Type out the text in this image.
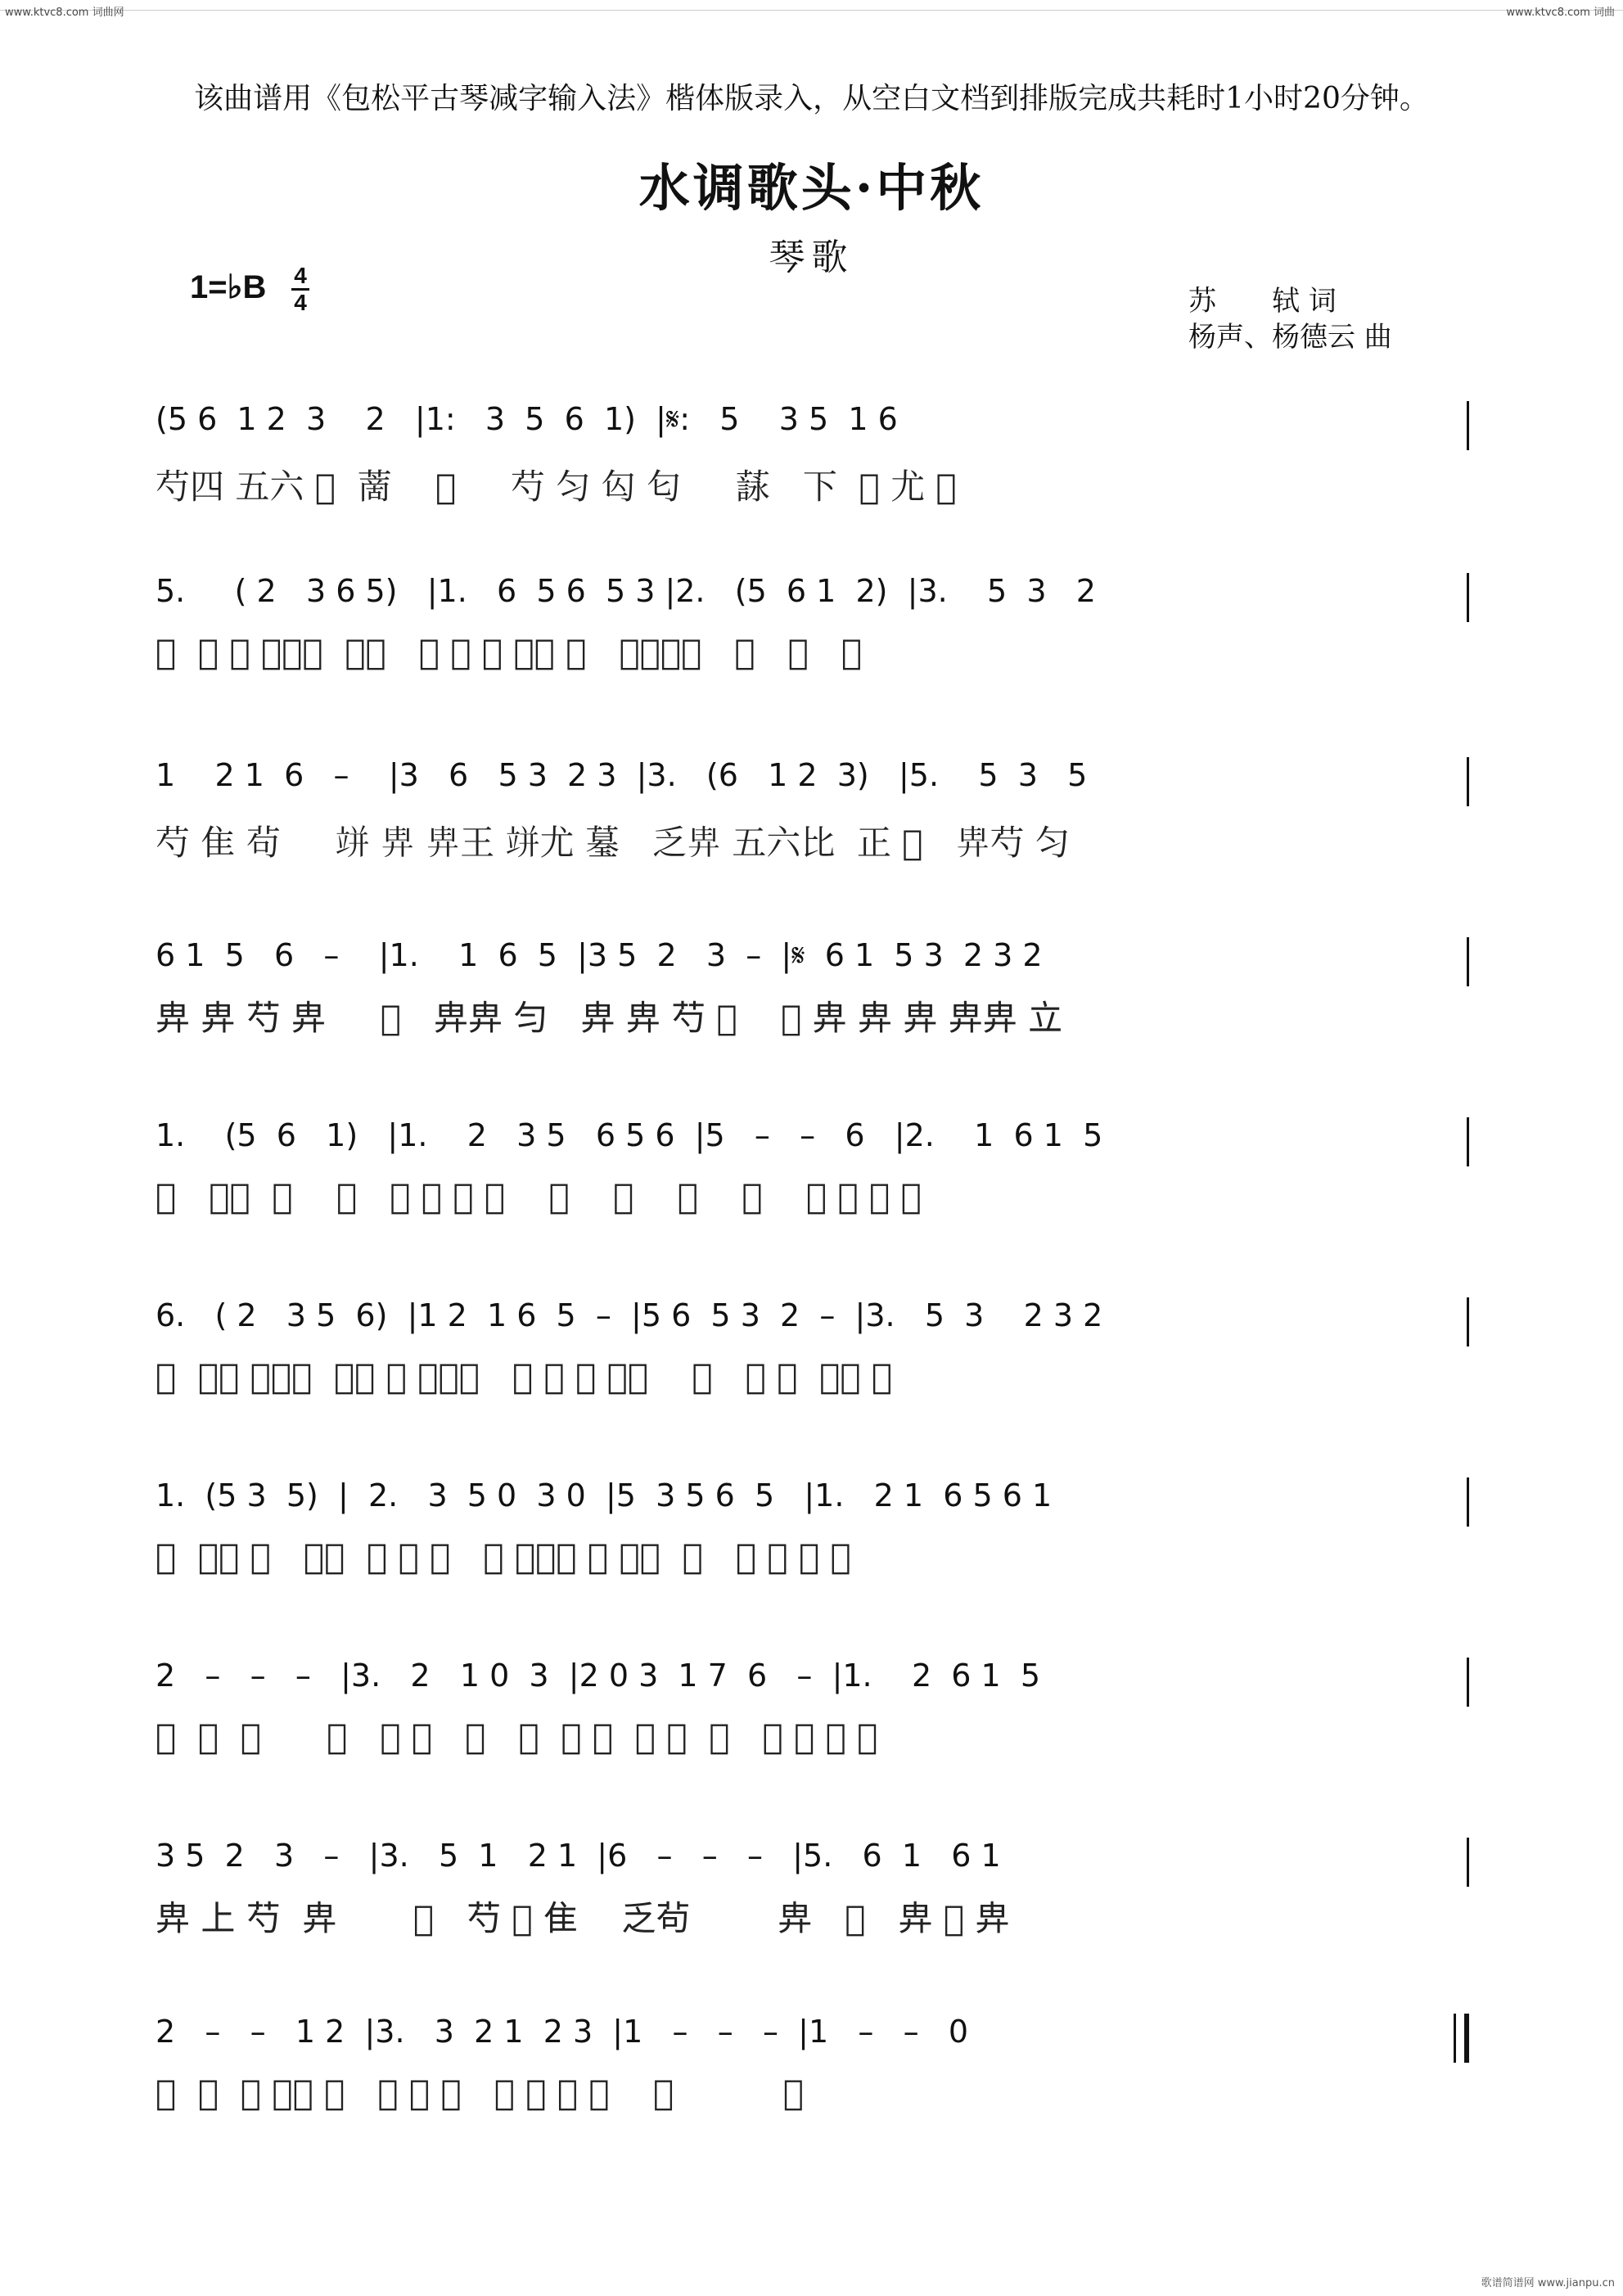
www.ktvc8.com 词曲网	www.ktvc8.com 词曲
歌谱简谱网 www.jianpu.cn
该曲谱用《包松平古琴减字输入法》楷体版录入，从空白文档到排版完成共耗时1小时20分钟。
水调歌头·中秋
琴歌
1=♭B 4
4	苏　　轼 词
杨声、杨德云 曲
(5 6  1 2  3    2   |1:   3  5  6  1)  |𝄋:   5    3 5  1 6
芍四 五六 𦶝  蔐    𦷏     芍 匀 匃 匂     𦻑   下  𦼀 尤 𦼀
5.     ( 2   3 6 5)   |1.   6  5 6  5 3 |2.   (5  6 1  2)  |3.    5  3   2
𦼀  乏 芍 二四匀  正𢍁   茍 𥩀 大 亍卞 𢍁   芍四五匀   𥩵   㚘   茍
1    2 1  6   –    |3   6   5 3  2 3  |3.   (6   1 2  3)   |5.    5  3   5
芍 隹 茍     𥩵 𢍁 𢍁王 𥩵尤 𦻒   乏𢍁 五六比  正 𦼀   𢍁芍 匀
6 1  5   6   –    |1.    1  6  5  |3 5  2   3  –  |𝄋  6 1  5 3  2 3 2
𢍁 𢍁 芍 𢍁     𦼀   𢍁𢍁 匀   𢍁 𢍁 芍 𦼀    𦼀 𢍁 𢍁 𢍁 𢍁𢍁 立
1.    (5  6   1)   |1.    2   3 5   6 5 6  |5   –   –   6   |2.    1  6 1  5
𦼀   乇𢍁  五    𦼀   𢍁 𢍁 𢍁 𢍁    𦼀    才    㚘    𦼀    𢍁 𢍁 𢍁 芍
6.   ( 2   3 5  6)  |1 2  1 6  5  –  |5 6  5 3  2  –  |3.   5  3    2 3 2
𦼀  乏芍 匀三四  正𢍁 㚘 下𢍁芍   𢍁 㚘 下 𢍁芍    𦼀   𢍁 𢍁  尤𢍁 豆
1.  (5 3  5)  |  2.   3  5 0  3 0  |5  3 5 6  5   |1.   2 1  6 5 6 1
𦼀  乇芍 匀   乏芍  匀 𢍁 匀   𢍁 匀三四 匀 正𦼀  𦼀   四 匀 匃 五
2   –   –   –   |3.   2   1 0  3  |2 0 3  1 7  6   –  |1.    2  6 1  5
𦼀  𢍁  𢍁      𦼀   乇 茍   𢍁   𢍁  𢍁 亍  𢍁 𢍁  𦼀   𢍁 𢍁 𢍁 芍
3 5  2   3   –   |3.   5  1   2 1  |6   –   –   –   |5.   6  1   6 1
𢍁 上 芍  𢍁       𦼀   芍 𦼀 隹    乏茍        𢍁   𦼀   𢍁 𦼀 𢍁
2   –   –   1 2  |3.   3  2 1  2 3  |1   –   –   –  |1   –   –   0
𦼀  𢍁  𢍁 𢍁匀 𦼀   乇 𦼀 𢍁   𢍁 𢍁 𢍁 𢍁    𦼀          𢍁
